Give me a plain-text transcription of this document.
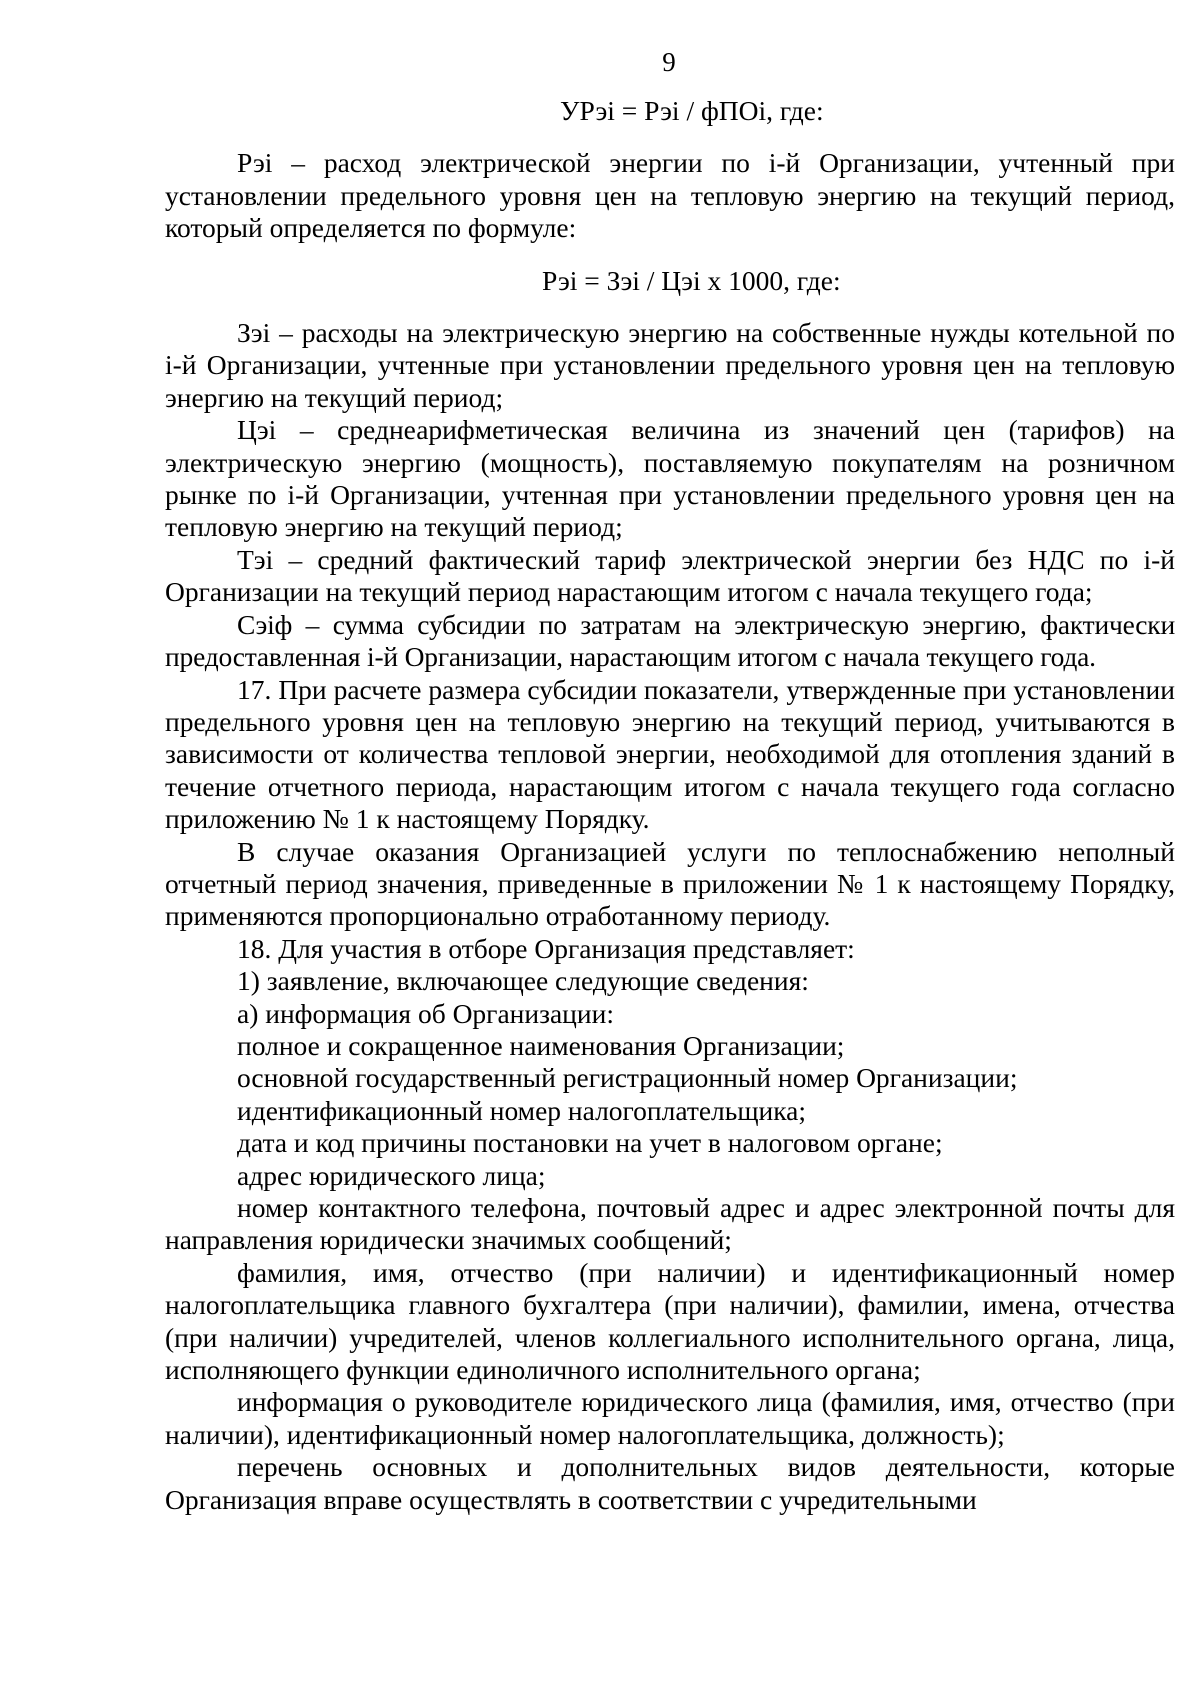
9
УРэi = Рэi / фПОi, где:

Рэi – расход электрической энергии по i-й Организации, учтенный при установлении предельного уровня цен на тепловую энергию на текущий период, который определяется по формуле:

Рэi = Зэi / Цэi x 1000, где:

Зэi – расходы на электрическую энергию на собственные нужды котельной по i-й Организации, учтенные при установлении предельного уровня цен на тепловую энергию на текущий период;

Цэi – среднеарифметическая величина из значений цен (тарифов) на электрическую энергию (мощность), поставляемую покупателям на розничном рынке по i-й Организации, учтенная при установлении предельного уровня цен на тепловую энергию на текущий период;

Тэi – средний фактический тариф электрической энергии без НДС по i-й Организации на текущий период нарастающим итогом с начала текущего года;

Сэiф – сумма субсидии по затратам на электрическую энергию, фактически предоставленная i-й Организации, нарастающим итогом с начала текущего года.

17. При расчете размера субсидии показатели, утвержденные при установлении предельного уровня цен на тепловую энергию на текущий период, учитываются в зависимости от количества тепловой энергии, необходимой для отопления зданий в течение отчетного периода, нарастающим итогом с начала текущего года согласно приложению № 1 к настоящему Порядку.

В случае оказания Организацией услуги по теплоснабжению неполный отчетный период значения, приведенные в приложении № 1 к настоящему Порядку, применяются пропорционально отработанному периоду.

18. Для участия в отборе Организация представляет:

1) заявление, включающее следующие сведения:

а) информация об Организации:

полное и сокращенное наименования Организации;

основной государственный регистрационный номер Организации;

идентификационный номер налогоплательщика;

дата и код причины постановки на учет в налоговом органе;

адрес юридического лица;

номер контактного телефона, почтовый адрес и адрес электронной почты для направления юридически значимых сообщений;

фамилия, имя, отчество (при наличии) и идентификационный номер налогоплательщика главного бухгалтера (при наличии), фамилии, имена, отчества (при наличии) учредителей, членов коллегиального исполнительного органа, лица, исполняющего функции единоличного исполнительного органа;

информация о руководителе юридического лица (фамилия, имя, отчество (при наличии), идентификационный номер налогоплательщика, должность);

перечень основных и дополнительных видов деятельности, которые Организация вправе осуществлять в соответствии с учредительными
